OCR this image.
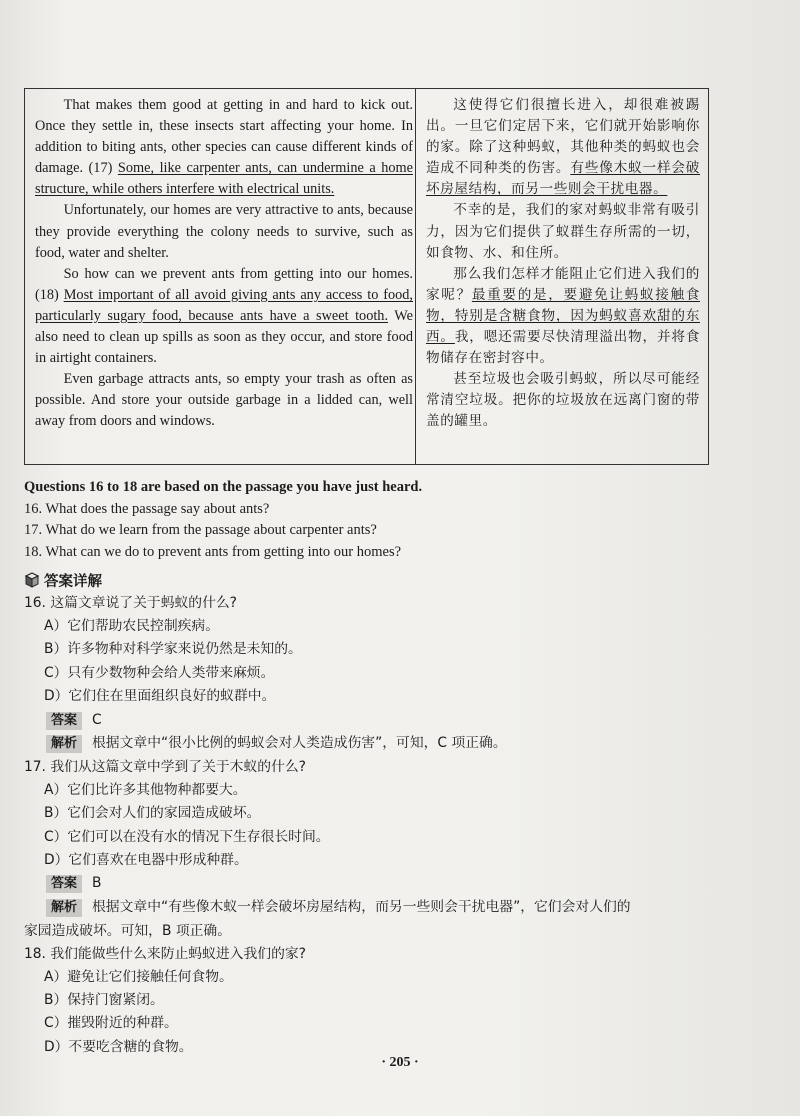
That makes them good at getting in and hard to kick out. Once they settle in, these insects start affecting your home. In addition to biting ants, other species can cause different kinds of damage. (17) Some, like carpenter ants, can undermine a home structure, while others interfere with electrical units.

Unfortunately, our homes are very attractive to ants, because they provide everything the colony needs to survive, such as food, water and shelter.

So how can we prevent ants from getting into our homes. (18) Most important of all avoid giving ants any access to food, particularly sugary food, because ants have a sweet tooth. We also need to clean up spills as soon as they occur, and store food in airtight containers.

Even garbage attracts ants, so empty your trash as often as possible. And store your outside garbage in a lidded can, well away from doors and windows.

这使得它们很擅长进入，却很难被踢出。一旦它们定居下来，它们就开始影响你的家。除了这种蚂蚁，其他种类的蚂蚁也会造成不同种类的伤害。有些像木蚁一样会破坏房屋结构，而另一些则会干扰电器。

不幸的是，我们的家对蚂蚁非常有吸引力，因为它们提供了蚁群生存所需的一切，如食物、水、和住所。

那么我们怎样才能阻止它们进入我们的家呢？最重要的是，要避免让蚂蚁接触食物，特别是含糖食物，因为蚂蚁喜欢甜的东西。我，嗯还需要尽快清理溢出物，并将食物储存在密封容中。

甚至垃圾也会吸引蚂蚁，所以尽可能经常清空垃圾。把你的垃圾放在远离门窗的带盖的罐里。

Questions 16 to 18 are based on the passage you have just heard.
16. What does the passage say about ants?
17. What do we learn from the passage about carpenter ants?
18. What can we do to prevent ants from getting into our homes?
答案详解
16. 这篇文章说了关于蚂蚁的什么?
A）它们帮助农民控制疾病。
B）许多物种对科学家来说仍然是未知的。
C）只有少数物种会给人类带来麻烦。
D）它们住在里面组织良好的蚁群中。
答案 C
解析 根据文章中“很小比例的蚂蚁会对人类造成伤害”，可知，C 项正确。
17. 我们从这篇文章中学到了关于木蚁的什么?
A）它们比许多其他物种都要大。
B）它们会对人们的家园造成破坏。
C）它们可以在没有水的情况下生存很长时间。
D）它们喜欢在电器中形成种群。
答案 B
解析 根据文章中“有些像木蚁一样会破坏房屋结构，而另一些则会干扰电器”，它们会对人们的
家园造成破坏。可知，B 项正确。
18. 我们能做些什么来防止蚂蚁进入我们的家?
A）避免让它们接触任何食物。
B）保持门窗紧闭。
C）摧毁附近的种群。
D）不要吃含糖的食物。
· 205 ·
